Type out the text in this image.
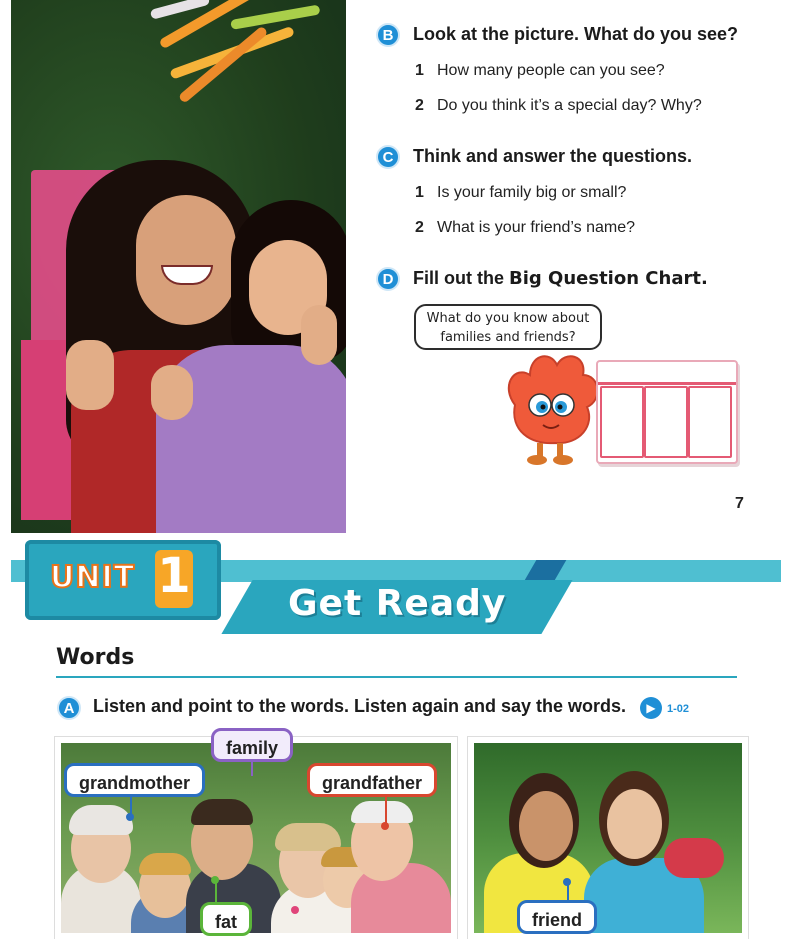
B	Look at the picture. What do you see?
1 How many people can you see?
2 Do you think it’s a special day? Why?
C	Think and answer the questions.
1 Is your family big or small?
2 What is your friend’s name?
D	Fill out the Big Question Chart.
What do you know about families and friends?
7
UNIT 1	Get Ready
Words
A	Listen and point to the words. Listen again and say the words.	▶	1-02
family
grandmother	grandfather
fat	friend
